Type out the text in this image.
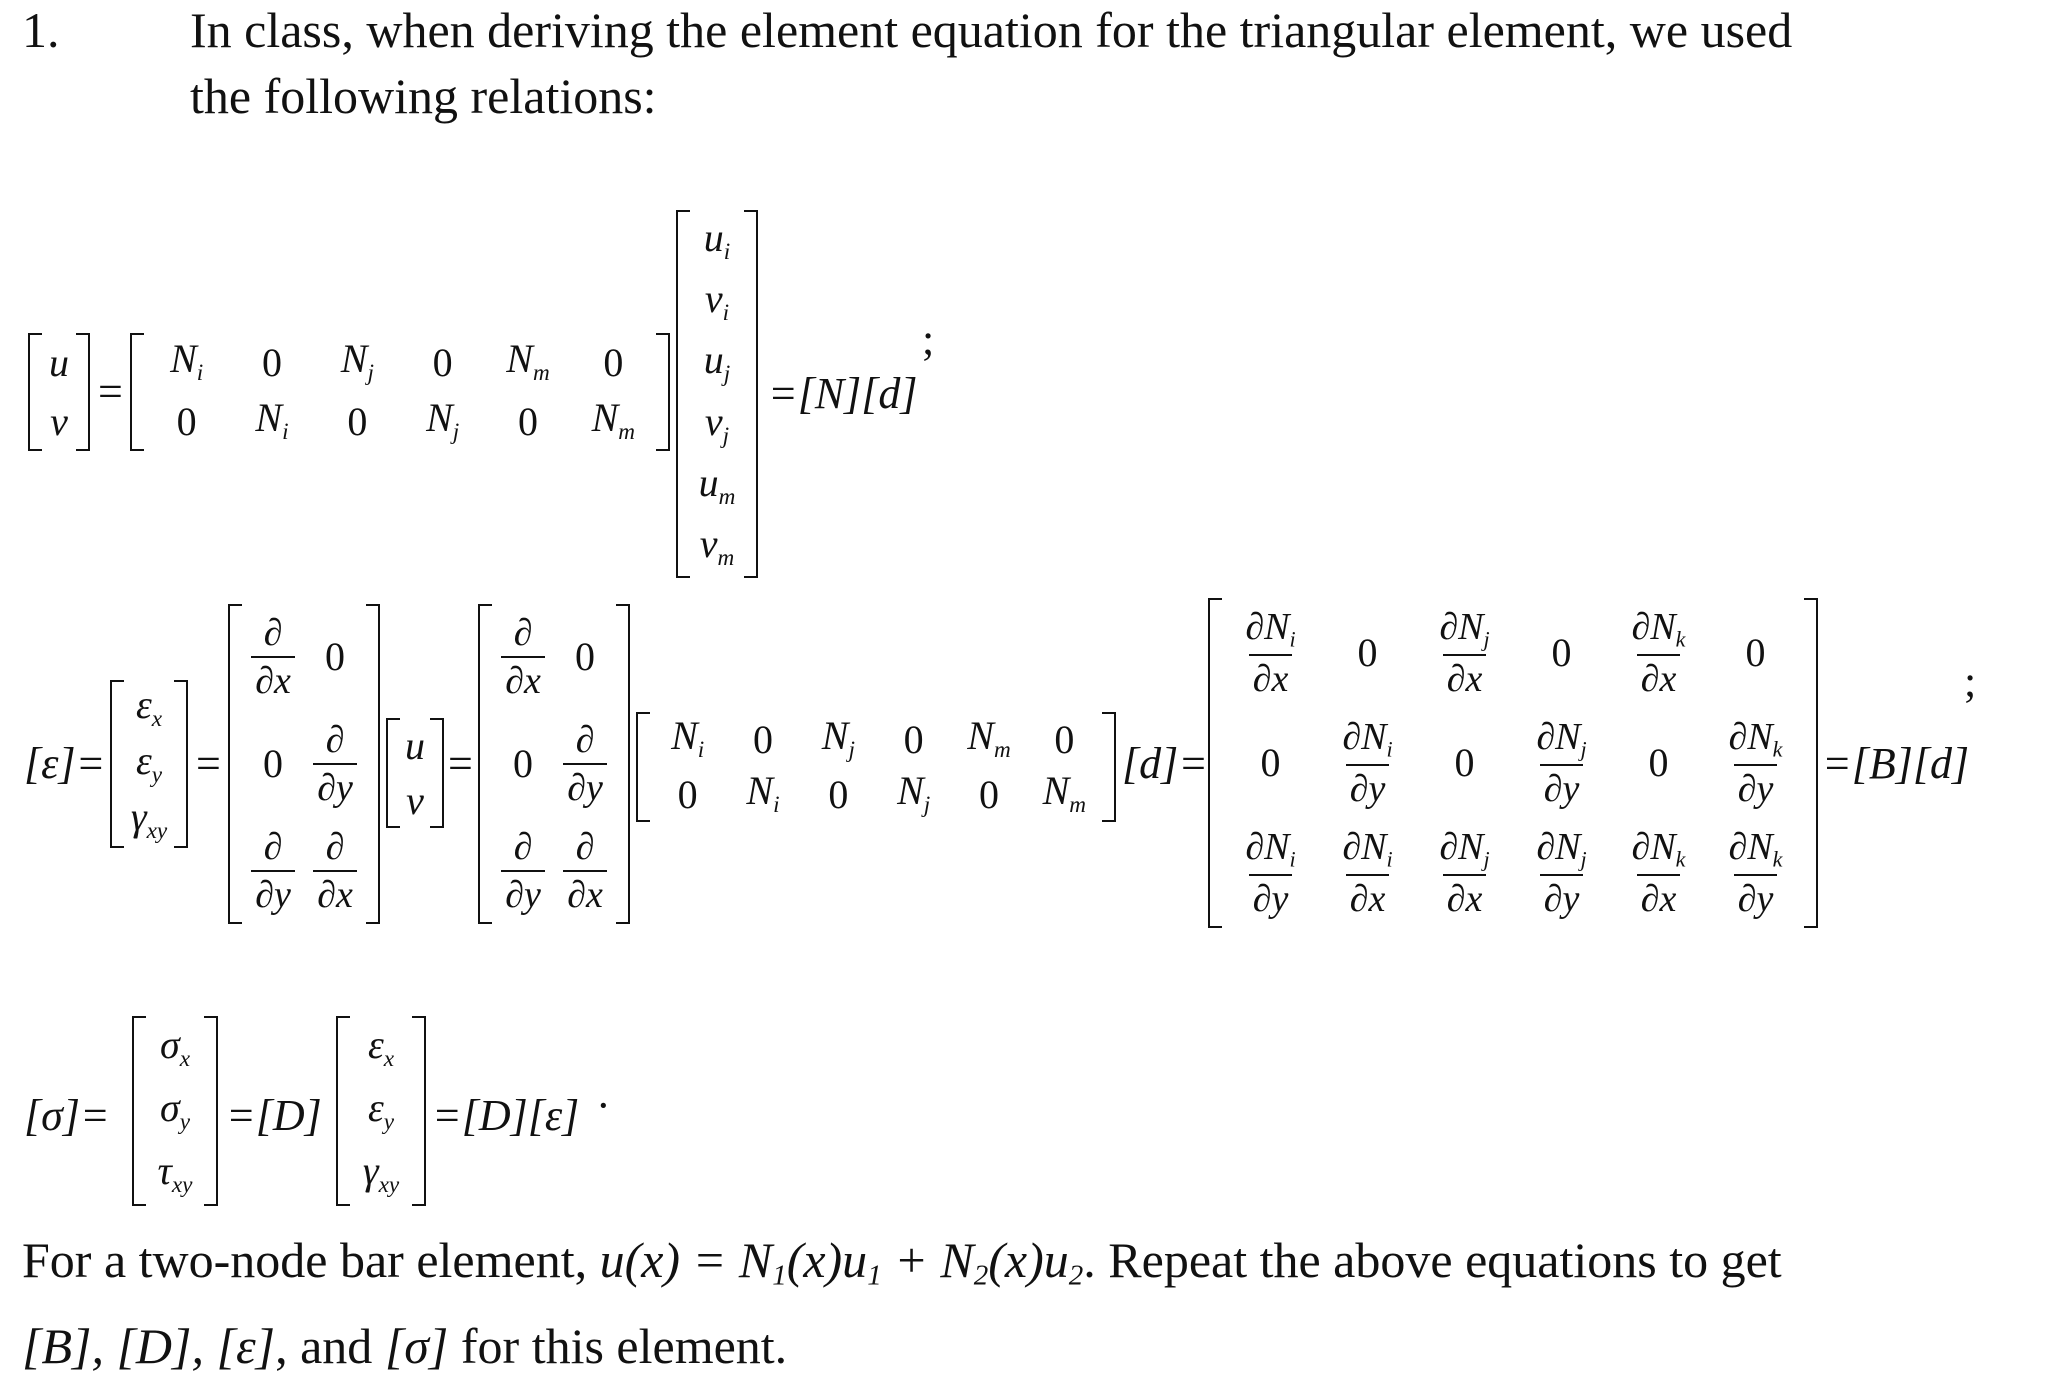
1.	In class, when deriving the element equation for the triangular element, we used
the following relations:
u
v
=
$N_i$ 0 $N_j$ 0 $N_m$ 0
0 $N_i$ 0 $N_j$ 0 $N_m$
$u_i$
$v_i$
$u_j$
$v_j$
$u_m$
$v_m$
=[N][d]
;
[ε]=
$\varepsilon_x$
$\varepsilon_y$
$\gamma_{xy}$
=
$\frac{\partial}{\partial x} 0$
$0 \frac{\partial}{\partial y}$
$\frac{\partial}{\partial y} \frac{\partial}{\partial x}$
u
v
=
$\frac{\partial}{\partial x} 0$
$0 \frac{\partial}{\partial y}$
$\frac{\partial}{\partial y} \frac{\partial}{\partial x}$
$N_i$ 0 $N_j$ 0 $N_m$ 0
0 $N_i$ 0 $N_j$ 0 $N_m$
[d]=
$\frac{\partial N_i}{\partial x} 0 \frac{\partial N_j}{\partial x} 0 \frac{\partial N_k}{\partial x} 0$
$0 \frac{\partial N_i}{\partial y} 0 \frac{\partial N_j}{\partial y} 0 \frac{\partial N_k}{\partial y}$
$\frac{\partial N_i}{\partial y} \frac{\partial N_i}{\partial x} \frac{\partial N_j}{\partial x} \frac{\partial N_j}{\partial y} \frac{\partial N_k}{\partial x} \frac{\partial N_k}{\partial y}$
=[B][d]
;
[σ]=
$\sigma_x$
$\sigma_y$
$\tau_{xy}$
=[D]
$\varepsilon_x$
$\varepsilon_y$
$\gamma_{xy}$
=[D][ε] ·
For a two-node bar element, u(x) = N1(x)u1 + N2(x)u2. Repeat the above equations to get
[B], [D], [ε], and [σ] for this element.
